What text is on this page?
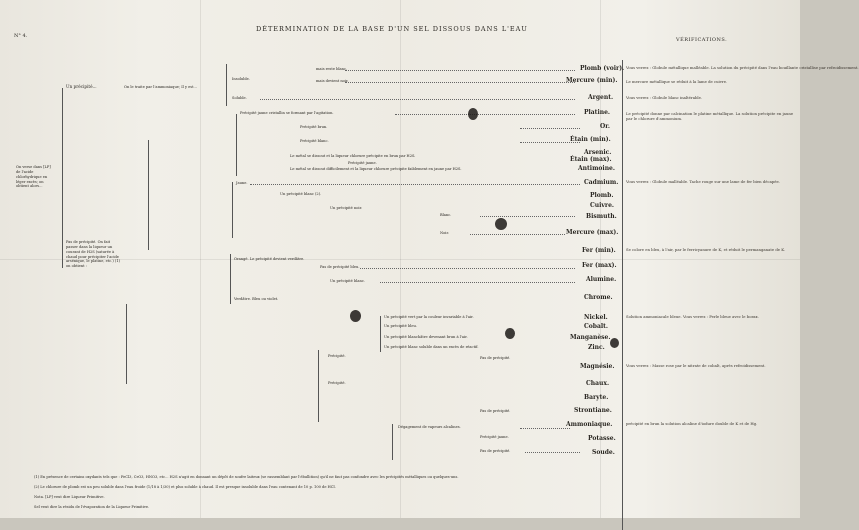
N° 4.
DÉTERMINATION DE LA BASE D'UN SEL DISSOUS DANS L'EAU
VÉRIFICATIONS.
On verse dans [LP] de l'acide chlorhydrique en léger excès; on obtient alors...
Un précipité...	On le traite par l'ammoniaque; Il y est...
Pas de précipité. On fait passer dans la liqueur un courant de H2S (saturée à chaud pour précipiter l'acide arsénique, le platine, etc.) (1) on obtient :
Insoluble.
Soluble.
mais reste blanc.
mais devient noir.
Plomb (voir).
Mercure (min).
Argent.
Vous verrez : Globule métallique malléable. La solution du précipité dans l'eau bouillante cristallise par refroidissement.
Le mercure métallique se réduit à la lame de cuivre.
Vous verrez : Globule blanc inaltérable.
Précipité jaune cristallin se formant par l'agitation.
Précipité brun.
Précipité blanc.
Le métal se dissout et la liqueur chlorure précipite en brun par H2S.
Précipité jaune.
Le métal se dissout difficilement et la liqueur chlorure précipite faiblement en jaune par H2S.
Platine.
Or.
Étain (min).
Arsenic.
Étain (max).
Antimoine.
Jaune.
Un précipité blanc (2).
Un précipité noir.
Blanc.
Noir.
Cadmium.
Plomb.
Cuivre.
Bismuth.
Mercure (max).
Orangé. Le précipité devient verdâtre.
Pas de précipité bleu.
Un précipité blanc.
Verdâtre. Bleu ou violet.
Fer (min).
Fer (max).
Alumine.
Chrome.
Un précipité vert par la couleur invariable à l'air.
Un précipité bleu.
Un précipité blanchâtre devenant brun à l'air.
Un précipité blanc soluble dans un excès de réactif.
Nickel.
Cobalt.
Manganèse.
Zinc.
Précipité.	Pas de précipité.
Précipité.
Pas de précipité.
Magnésie.
Chaux.
Baryte.
Strontiane.
Dégagement de vapeurs alcalines.
Précipité jaune.
Pas de précipité.
Ammoniaque.
Potasse.
Soude.
Le précipité donne par calcination le platine métallique. La solution précipite en jaune par le chlorure d'ammonium.
Vous verrez : Globule malléable. Tache rouge sur une lame de fer bien décapée.
Se colore en bleu, à l'air, par le ferricyanure de K, et réduit le permanganate de K.
Solution ammoniacale bleue. Vous verrez : Perle bleue avec le borax.
Vous verrez : Masse rose par le nitrate de cobalt, après refroidissement.
précipité en brun la solution alcaline d'iodure double de K et de Hg.
(1) En présence de certains oxydants tels que : FeCl3, CrO3, HNO3, etc... H2S n'agit en donnant un dépôt de soufre laiteux (se rassemblant par l'ébullition) qu'il ne faut pas confondre avec les précipités métalliques ou quelques-uns.
(2) Le chlorure de plomb est un peu soluble dans l'eau froide (1/18 à 1/30) et plus soluble à chaud. Il est presque insoluble dans l'eau contenant de 10 p. 100 de HCl.
Nota. [LP] veut dire Liqueur Primitive.
Sel veut dire la résidu de l'évaporation de la Liqueur Primitive.
